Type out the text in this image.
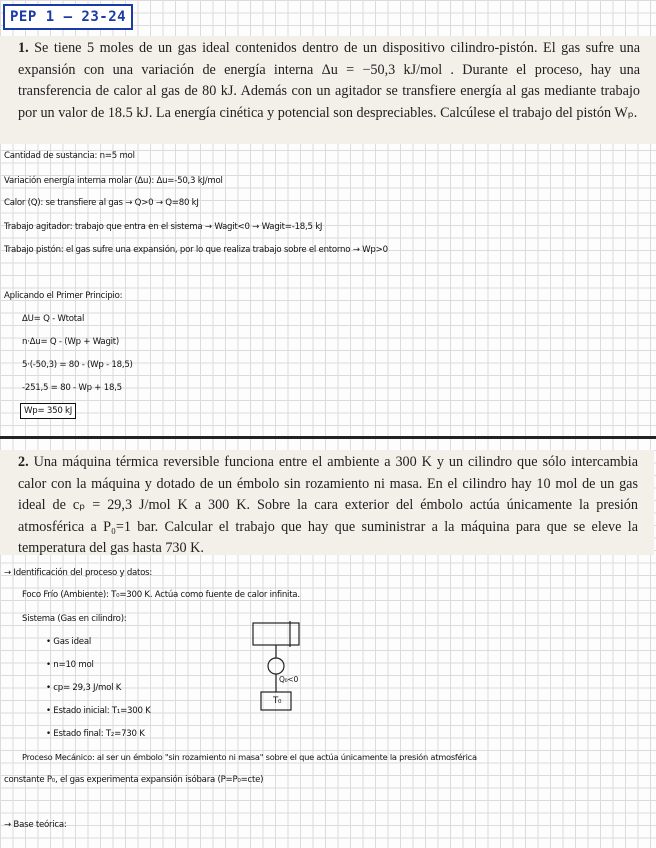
PEP 1 – 23-24
1. Se tiene 5 moles de un gas ideal contenidos dentro de un dispositivo cilindro-pistón. El gas sufre una expansión con una variación de energía interna Δu = −50,3 kJ/mol . Durante el proceso, hay una transferencia de calor al gas de 80 kJ. Además con un agitador se transfiere energía al gas mediante trabajo por un valor de 18.5 kJ. La energía cinética y potencial son despreciables. Calcúlese el trabajo del pistón Wₚ.
Cantidad de sustancia: n=5 mol
Variación energía interna molar (Δu): Δu=-50,3 kJ/mol
Calor (Q): se transfiere al gas → Q>0 → Q=80 kJ
Trabajo agitador: trabajo que entra en el sistema → Wagit<0 → Wagit=-18,5 kJ
Trabajo pistón: el gas sufre una expansión, por lo que realiza trabajo sobre el entorno → Wp>0
Aplicando el Primer Principio:
ΔU= Q - Wtotal
n·Δu= Q - (Wp + Wagit)
5·(-50,3) = 80 - (Wp - 18,5)
-251,5 = 80 - Wp + 18,5
Wp= 350 kJ
2. Una máquina térmica reversible funciona entre el ambiente a 300 K y un cilindro que sólo intercambia calor con la máquina y dotado de un émbolo sin rozamiento ni masa. En el cilindro hay 10 mol de un gas ideal de cₚ = 29,3 J/mol K a 300 K. Sobre la cara exterior del émbolo actúa únicamente la presión atmosférica a P₀=1 bar. Calcular el trabajo que hay que suministrar a la máquina para que se eleve la temperatura del gas hasta 730 K.
→ Identificación del proceso y datos:
Foco Frío (Ambiente): T₀=300 K. Actúa como fuente de calor infinita.
Sistema (Gas en cilindro):
• Gas ideal
• n=10 mol
• cp= 29,3 J/mol K
• Estado inicial: T₁=300 K
• Estado final: T₂=730 K
Q₀<0
T₀
Proceso Mecánico: al ser un émbolo "sin rozamiento ni masa" sobre el que actúa únicamente la presión atmosférica
constante P₀, el gas experimenta expansión isóbara (P=P₀=cte)
→ Base teórica:
